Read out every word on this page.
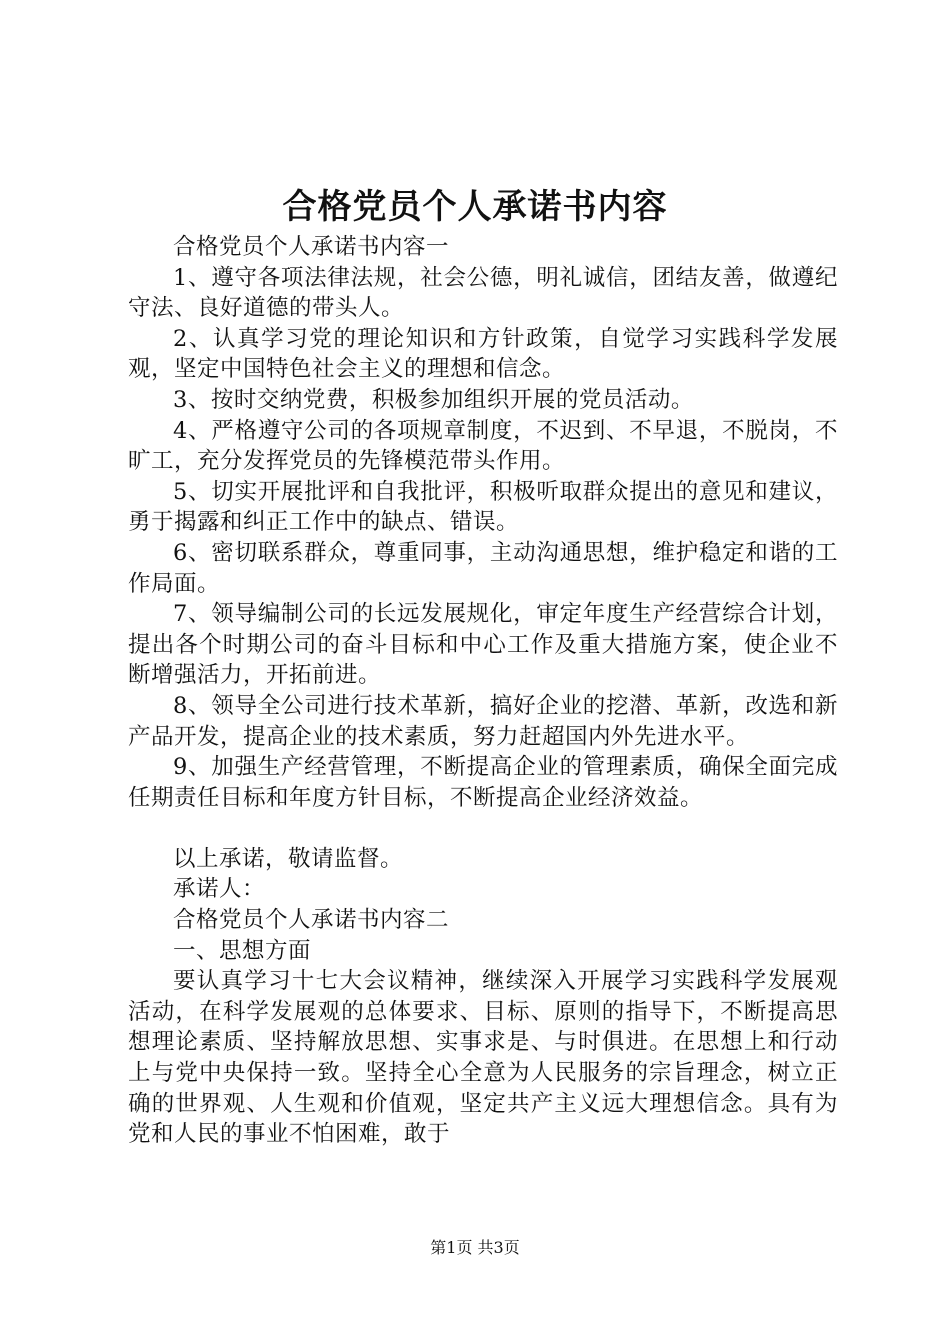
合格党员个人承诺书内容

合格党员个人承诺书内容一

1、遵守各项法律法规，社会公德，明礼诚信，团结友善，做遵纪守法、良好道德的带头人。

2、认真学习党的理论知识和方针政策，自觉学习实践科学发展观，坚定中国特色社会主义的理想和信念。

3、按时交纳党费，积极参加组织开展的党员活动。

4、严格遵守公司的各项规章制度，不迟到、不早退，不脱岗，不旷工，充分发挥党员的先锋模范带头作用。

5、切实开展批评和自我批评，积极听取群众提出的意见和建议，勇于揭露和纠正工作中的缺点、错误。

6、密切联系群众，尊重同事，主动沟通思想，维护稳定和谐的工作局面。

7、领导编制公司的长远发展规化，审定年度生产经营综合计划，提出各个时期公司的奋斗目标和中心工作及重大措施方案，使企业不断增强活力，开拓前进。

8、领导全公司进行技术革新，搞好企业的挖潜、革新，改选和新产品开发，提高企业的技术素质，努力赶超国内外先进水平。

9、加强生产经营管理，不断提高企业的管理素质，确保全面完成任期责任目标和年度方针目标，不断提高企业经济效益。

以上承诺，敬请监督。

承诺人：

合格党员个人承诺书内容二

一、思想方面

要认真学习十七大会议精神，继续深入开展学习实践科学发展观活动，在科学发展观的总体要求、目标、原则的指导下，不断提高思想理论素质、坚持解放思想、实事求是、与时俱进。在思想上和行动上与党中央保持一致。坚持全心全意为人民服务的宗旨理念，树立正确的世界观、人生观和价值观，坚定共产主义远大理想信念。具有为党和人民的事业不怕困难，敢于

第1页 共3页
